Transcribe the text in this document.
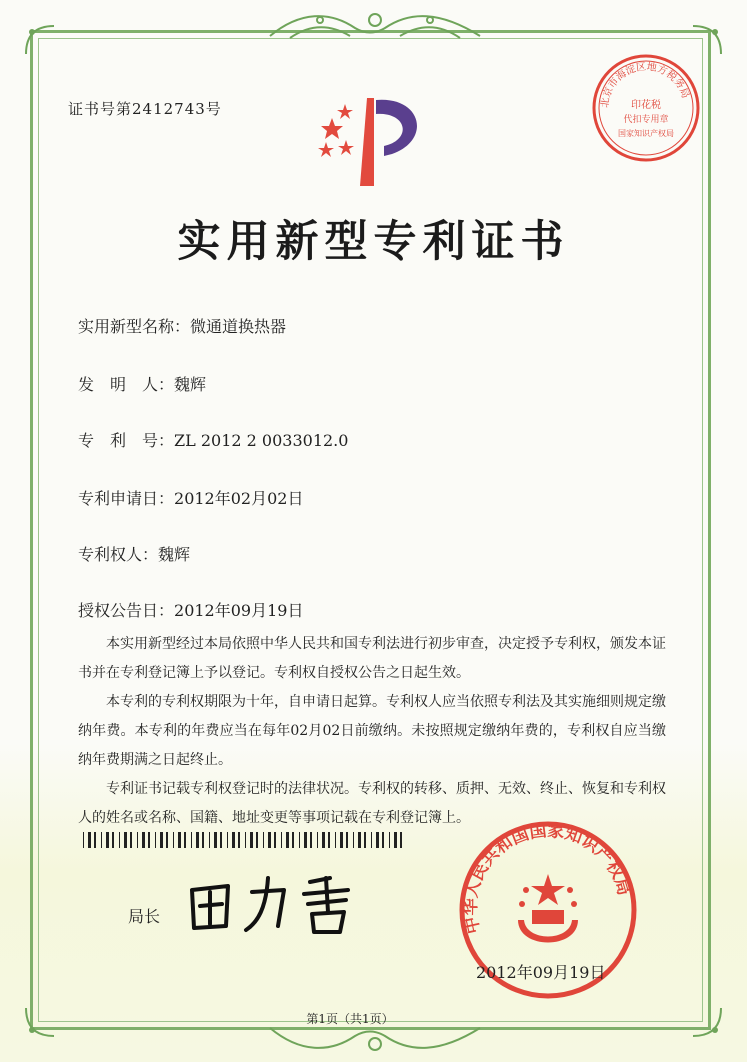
证书号第2412743号	北京市海淀区地方税务局
印花税
代扣专用章
国家知识产权局
实用新型专利证书
实用新型名称：微通道换热器
发　明　人：魏辉
专　利　号：ZL 2012 2 0033012.0
专利申请日：2012年02月02日
专利权人：魏辉
授权公告日：2012年09月19日

本实用新型经过本局依照中华人民共和国专利法进行初步审查，决定授予专利权，颁发本证书并在专利登记簿上予以登记。专利权自授权公告之日起生效。

本专利的专利权期限为十年，自申请日起算。专利权人应当依照专利法及其实施细则规定缴纳年费。本专利的年费应当在每年02月02日前缴纳。未按照规定缴纳年费的，专利权自应当缴纳年费期满之日起终止。

专利证书记载专利权登记时的法律状况。专利权的转移、质押、无效、终止、恢复和专利权人的姓名或名称、国籍、地址变更等事项记载在专利登记簿上。

局长	中华人民共和国国家知识产权局
2012年09月19日
第1页（共1页）
